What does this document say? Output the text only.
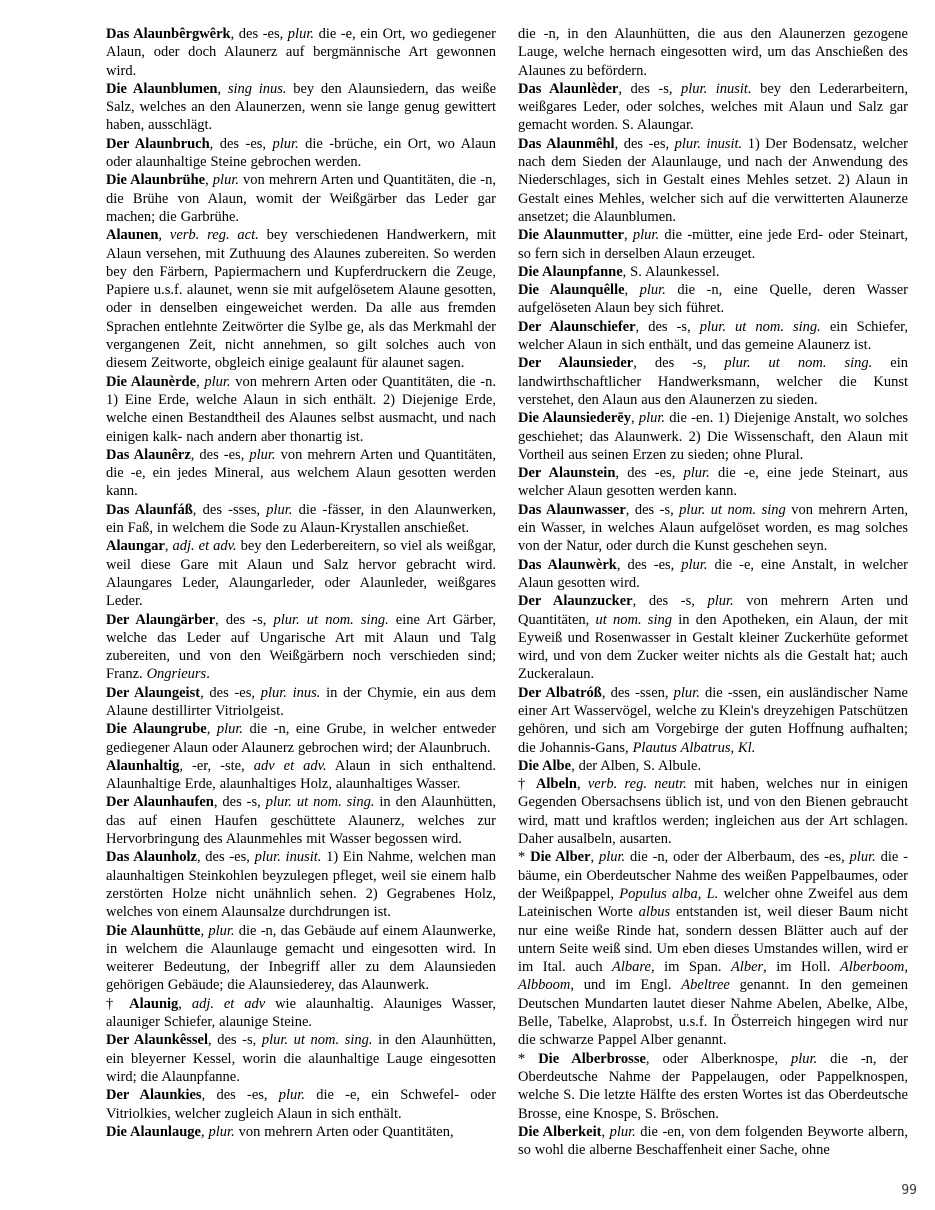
Das Alaunbêrgwêrk, des -es, plur. die -e, ein Ort, wo gediegener Alaun, oder doch Alaunerz auf bergmännische Art gewonnen wird.

Die Alaunblumen, sing inus. bey den Alaunsiedern, das weiße Salz, welches an den Alaunerzen, wenn sie lange genug gewittert haben, ausschlägt.

Der Alaunbruch, des -es, plur. die -brüche, ein Ort, wo Alaun oder alaunhaltige Steine gebrochen werden.

Die Alaunbrühe, plur. von mehrern Arten und Quantitäten, die -n, die Brühe von Alaun, womit der Weißgärber das Leder gar machen; die Garbrühe.

Alaunen, verb. reg. act. bey verschiedenen Handwerkern, mit Alaun versehen, mit Zuthuung des Alaunes zubereiten. So werden bey den Färbern, Papiermachern und Kupferdruckern die Zeuge, Papiere u.s.f. alaunet, wenn sie mit aufgelösetem Alaune gesotten, oder in denselben eingeweichet werden. Da alle aus fremden Sprachen entlehnte Zeitwörter die Sylbe ge, als das Merkmahl der vergangenen Zeit, nicht annehmen, so gilt solches auch von diesem Zeitworte, obgleich einige gealaunt für alaunet sagen.

Die Alaunèrde, plur. von mehrern Arten oder Quantitäten, die -n. 1) Eine Erde, welche Alaun in sich enthält. 2) Diejenige Erde, welche einen Bestandtheil des Alaunes selbst ausmacht, und nach einigen kalk- nach andern aber thonartig ist.

Das Alaunêrz, des -es, plur. von mehrern Arten und Quantitäten, die -e, ein jedes Mineral, aus welchem Alaun gesotten werden kann.

Das Alaunfáß, des -sses, plur. die -fässer, in den Alaunwerken, ein Faß, in welchem die Sode zu Alaun-Krystallen anschießet.

Alaungar, adj. et adv. bey den Lederbereitern, so viel als weißgar, weil diese Gare mit Alaun und Salz hervor gebracht wird. Alaungares Leder, Alaungarleder, oder Alaunleder, weißgares Leder.

Der Alaungärber, des -s, plur. ut nom. sing. eine Art Gärber, welche das Leder auf Ungarische Art mit Alaun und Talg zubereiten, und von den Weißgärbern noch verschieden sind; Franz. Ongrieurs.

Der Alaungeist, des -es, plur. inus. in der Chymie, ein aus dem Alaune destillirter Vitriolgeist.

Die Alaungrube, plur. die -n, eine Grube, in welcher entweder gediegener Alaun oder Alaunerz gebrochen wird; der Alaunbruch.

Alaunhaltig, -er, -ste, adv et adv. Alaun in sich enthaltend. Alaunhaltige Erde, alaunhaltiges Holz, alaunhaltiges Wasser.

Der Alaunhaufen, des -s, plur. ut nom. sing. in den Alaunhütten, das auf einen Haufen geschüttete Alaunerz, welches zur Hervorbringung des Alaunmehles mit Wasser begossen wird.

Das Alaunholz, des -es, plur. inusit. 1) Ein Nahme, welchen man alaunhaltigen Steinkohlen beyzulegen pfleget, weil sie einem halb zerstörten Holze nicht unähnlich sehen. 2) Gegrabenes Holz, welches von einem Alaunsalze durchdrungen ist.

Die Alaunhütte, plur. die -n, das Gebäude auf einem Alaunwerke, in welchem die Alaunlauge gemacht und eingesotten wird. In weiterer Bedeutung, der Inbegriff aller zu dem Alaunsieden gehörigen Gebäude; die Alaunsiederey, das Alaunwerk.

† Alaunig, adj. et adv wie alaunhaltig. Alauniges Wasser, alauniger Schiefer, alaunige Steine.

Der Alaunkêssel, des -s, plur. ut nom. sing. in den Alaunhütten, ein bleyerner Kessel, worin die alaunhaltige Lauge eingesotten wird; die Alaunpfanne.

Der Alaunkies, des -es, plur. die -e, ein Schwefel- oder Vitriolkies, welcher zugleich Alaun in sich enthält.

Die Alaunlauge, plur. von mehrern Arten oder Quantitäten,

die -n, in den Alaunhütten, die aus den Alaunerzen gezogene Lauge, welche hernach eingesotten wird, um das Anschießen des Alaunes zu befördern.

Das Alaunlèder, des -s, plur. inusit. bey den Lederarbeitern, weißgares Leder, oder solches, welches mit Alaun und Salz gar gemacht worden. S. Alaungar.

Das Alaunmêhl, des -es, plur. inusit. 1) Der Bodensatz, welcher nach dem Sieden der Alaunlauge, und nach der Anwendung des Niederschlages, sich in Gestalt eines Mehles setzet. 2) Alaun in Gestalt eines Mehles, welcher sich auf die verwitterten Alaunerze ansetzet; die Alaunblumen.

Die Alaunmutter, plur. die -mütter, eine jede Erd- oder Steinart, so fern sich in derselben Alaun erzeuget.

Die Alaunpfanne, S. Alaunkessel.

Die Alaunquêlle, plur. die -n, eine Quelle, deren Wasser aufgelöseten Alaun bey sich führet.

Der Alaunschiefer, des -s, plur. ut nom. sing. ein Schiefer, welcher Alaun in sich enthält, und das gemeine Alaunerz ist.

Der Alaunsieder, des -s, plur. ut nom. sing. ein landwirthschaftlicher Handwerksmann, welcher die Kunst verstehet, den Alaun aus den Alaunerzen zu sieden.

Die Alaunsiederēy, plur. die -en. 1) Diejenige Anstalt, wo solches geschiehet; das Alaunwerk. 2) Die Wissenschaft, den Alaun mit Vortheil aus seinen Erzen zu sieden; ohne Plural.

Der Alaunstein, des -es, plur. die -e, eine jede Steinart, aus welcher Alaun gesotten werden kann.

Das Alaunwasser, des -s, plur. ut nom. sing von mehrern Arten, ein Wasser, in welches Alaun aufgelöset worden, es mag solches von der Natur, oder durch die Kunst geschehen seyn.

Das Alaunwèrk, des -es, plur. die -e, eine Anstalt, in welcher Alaun gesotten wird.

Der Alaunzucker, des -s, plur. von mehrern Arten und Quantitäten, ut nom. sing in den Apotheken, ein Alaun, der mit Eyweiß und Rosenwasser in Gestalt kleiner Zuckerhüte geformet wird, und von dem Zucker weiter nichts als die Gestalt hat; auch Zuckeralaun.

Der Albatróß, des -ssen, plur. die -ssen, ein ausländischer Name einer Art Wasservögel, welche zu Klein's dreyzehigen Patschützen gehören, und sich am Vorgebirge der guten Hoffnung aufhalten; die Johannis-Gans, Plautus Albatrus, Kl.

Die Albe, der Alben, S. Albule.

† Albeln, verb. reg. neutr. mit haben, welches nur in einigen Gegenden Obersachsens üblich ist, und von den Bienen gebraucht wird, matt und kraftlos werden; ingleichen aus der Art schlagen. Daher ausalbeln, ausarten.

* Die Alber, plur. die -n, oder der Alberbaum, des -es, plur. die -bäume, ein Oberdeutscher Nahme des weißen Pappelbaumes, oder der Weißpappel, Populus alba, L. welcher ohne Zweifel aus dem Lateinischen Worte albus entstanden ist, weil dieser Baum nicht nur eine weiße Rinde hat, sondern dessen Blätter auch auf der untern Seite weiß sind. Um eben dieses Umstandes willen, wird er im Ital. auch Albare, im Span. Alber, im Holl. Alberboom, Albboom, und im Engl. Abeltree genannt. In den gemeinen Deutschen Mundarten lautet dieser Nahme Abelen, Abelke, Albe, Belle, Tabelke, Alaprobst, u.s.f. In Österreich hingegen wird nur die schwarze Pappel Alber genannt.

* Die Alberbrosse, oder Alberknospe, plur. die -n, der Oberdeutsche Nahme der Pappelaugen, oder Pappelknospen, welche S. Die letzte Hälfte des ersten Wortes ist das Oberdeutsche Brosse, eine Knospe, S. Bröschen.

Die Alberkeit, plur. die -en, von dem folgenden Beyworte albern, so wohl die alberne Beschaffenheit einer Sache, ohne

99
